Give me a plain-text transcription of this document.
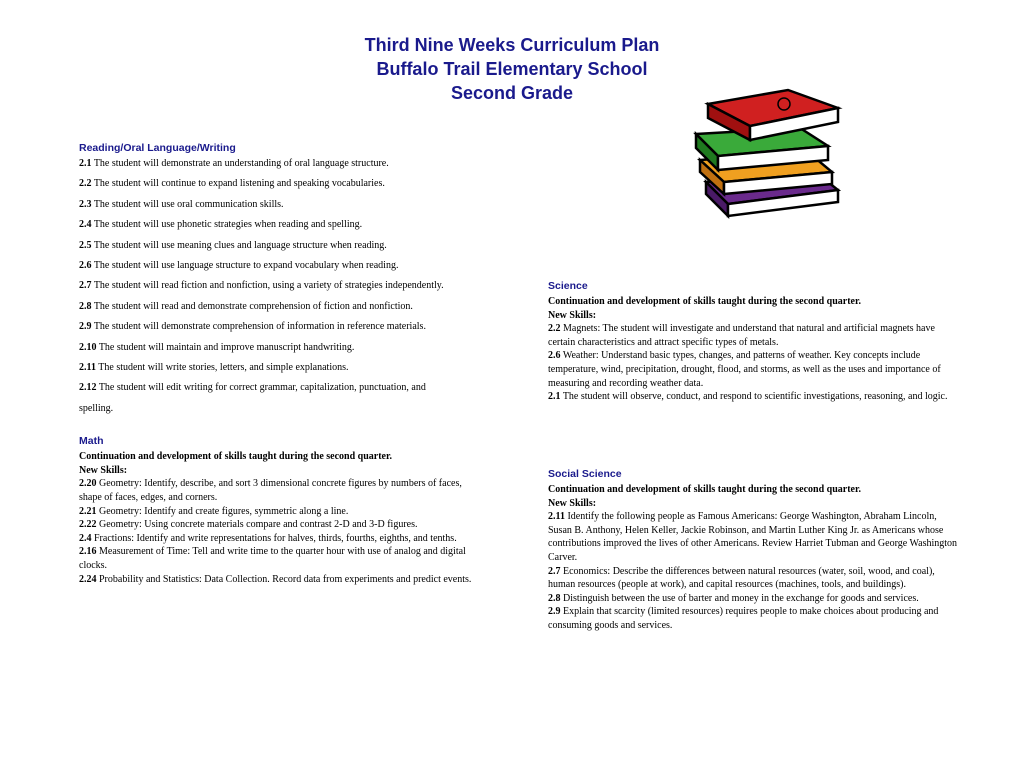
Third Nine Weeks Curriculum Plan
Buffalo Trail Elementary School
Second Grade
Reading/Oral Language/Writing

2.1 The student will demonstrate an understanding of oral language structure.

2.2 The student will continue to expand listening and speaking vocabularies.

2.3 The student will use oral communication skills.

2.4 The student will use phonetic strategies when reading and spelling.

2.5 The student will use meaning clues and language structure when reading.

2.6 The student will use language structure to expand vocabulary when reading.

2.7 The student will read fiction and nonfiction, using a variety of strategies independently.

2.8 The student will read and demonstrate comprehension of fiction and nonfiction.

2.9 The student will demonstrate comprehension of information in reference materials.

2.10 The student will maintain and improve manuscript handwriting.

2.11 The student will write stories, letters, and simple explanations.

2.12 The student will edit writing for correct grammar, capitalization, punctuation, and

spelling.

Math

Continuation and development of skills taught during the second quarter.

New Skills:

2.20 Geometry: Identify, describe, and sort 3 dimensional concrete figures by numbers of faces, shape of faces, edges, and corners.

2.21 Geometry: Identify and create figures, symmetric along a line.

2.22 Geometry: Using concrete materials compare and contrast 2-D and 3-D figures.

2.4 Fractions: Identify and write representations for halves, thirds, fourths, eighths, and tenths.

2.16 Measurement of Time: Tell and write time to the quarter hour with use of analog and digital clocks.

2.24 Probability and Statistics: Data Collection. Record data from experiments and predict events.

Science

Continuation and development of skills taught during the second quarter.

New Skills:

2.2 Magnets: The student will investigate and understand that natural and artificial magnets have certain characteristics and attract specific types of metals.

2.6 Weather: Understand basic types, changes, and patterns of weather. Key concepts include temperature, wind, precipitation, drought, flood, and storms, as well as the uses and importance of measuring and recording weather data.

2.1 The student will observe, conduct, and respond to scientific investigations, reasoning, and logic.

Social Science

Continuation and development of skills taught during the second quarter.

New Skills:

2.11 Identify the following people as Famous Americans: George Washington, Abraham Lincoln, Susan B. Anthony, Helen Keller, Jackie Robinson, and Martin Luther King Jr. as Americans whose contributions improved the lives of other Americans. Review Harriet Tubman and George Washington Carver.

2.7 Economics: Describe the differences between natural resources (water, soil, wood, and coal), human resources (people at work), and capital resources (machines, tools, and buildings).

2.8 Distinguish between the use of barter and money in the exchange for goods and services.

2.9 Explain that scarcity (limited resources) requires people to make choices about producing and consuming goods and services.
